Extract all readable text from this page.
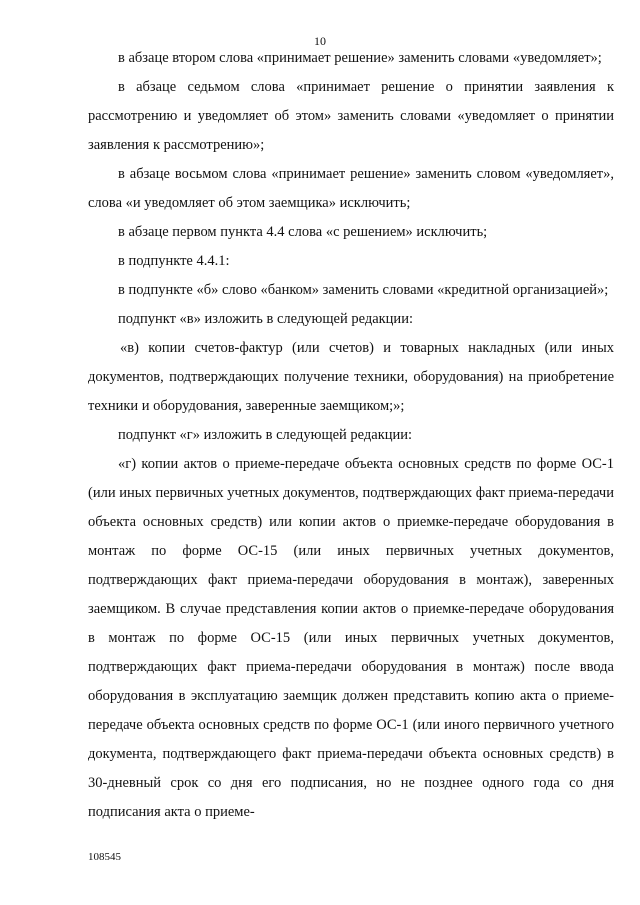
10

в абзаце втором слова «принимает решение» заменить словами «уведомляет»;

в абзаце седьмом слова «принимает решение о принятии заявления к рассмотрению и уведомляет об этом» заменить словами «уведомляет о принятии заявления к рассмотрению»;

в абзаце восьмом слова «принимает решение» заменить словом «уведомляет», слова «и уведомляет об этом заемщика» исключить;

в абзаце первом пункта 4.4 слова «с решением» исключить;

в подпункте 4.4.1:

в подпункте «б» слово «банком» заменить словами «кредитной организацией»;

подпункт «в» изложить в следующей редакции:

«в) копии счетов-фактур (или счетов) и товарных накладных (или иных документов, подтверждающих получение техники, оборудования) на приобретение техники и оборудования, заверенные заемщиком;»;

подпункт «г» изложить в следующей редакции:

«г) копии актов о приеме-передаче объекта основных средств по форме ОС-1 (или иных первичных учетных документов, подтверждающих факт приема-передачи объекта основных средств) или копии актов о приемке-передаче оборудования в монтаж по форме ОС-15 (или иных первичных учетных документов, подтверждающих факт приема-передачи оборудования в монтаж), заверенных заемщиком. В случае представления копии актов о приемке-передаче оборудования в монтаж по форме ОС-15 (или иных первичных учетных документов, подтверждающих факт приема-передачи оборудования в монтаж) после ввода оборудования в эксплуатацию заемщик должен представить копию акта о приеме-передаче объекта основных средств по форме ОС-1 (или иного первичного учетного документа, подтверждающего факт приема-передачи объекта основных средств) в 30-дневный срок со дня его подписания, но не позднее одного года со дня подписания акта о приеме-

108545
